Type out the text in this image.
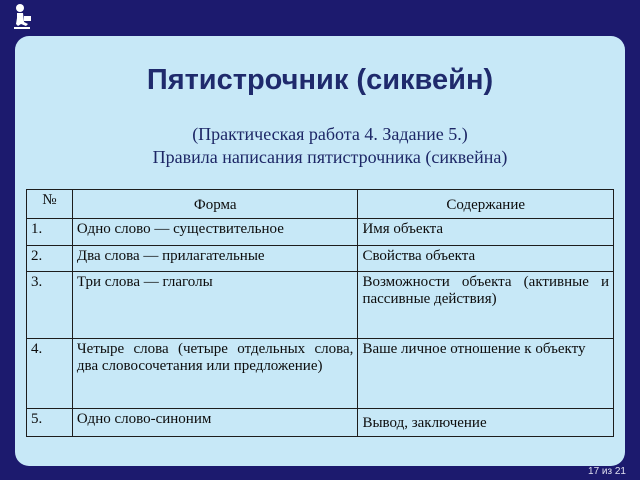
Пятистрочник (сиквейн)
(Практическая работа 4. Задание 5.)
Правила написания пятистрочника (сиквейна)
№	Форма	Содержание
1.	Одно слово — существительное	Имя объекта
2.	Два слова — прилагательные	Свойства объекта
3.	Три слова — глаголы	Возможности объекта (активные и пассивные действия)
4.	Четыре слова (четыре отдельных слова, два словосочетания или предложение)	Ваше личное отношение к объекту
5.	Одно слово-синоним	Вывод, заключение
17 из 21
